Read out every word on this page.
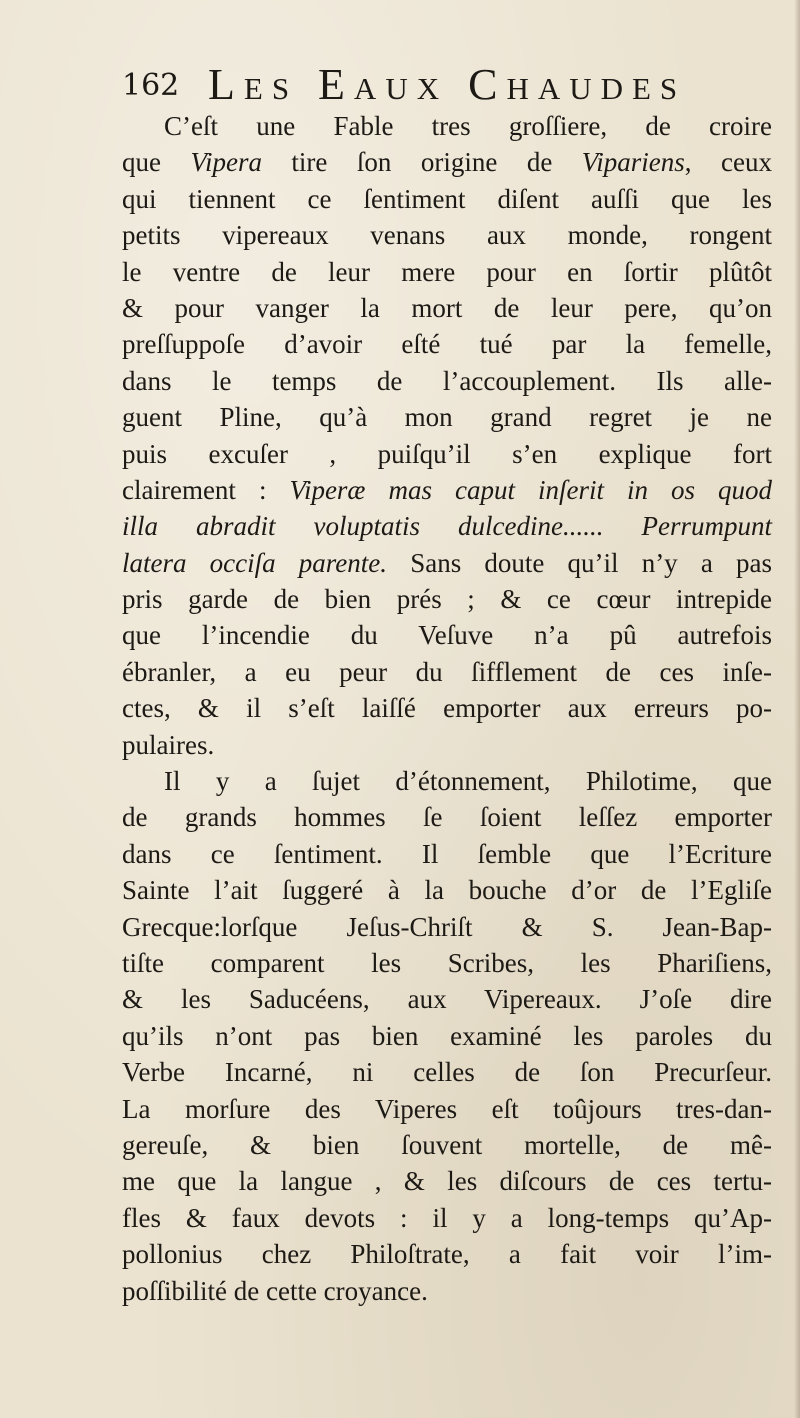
162 Les Eaux Chaudes
C’eſt une Fable tres groſſiere, de croire
que Vipera tire ſon origine de Vipariens, ceux
qui tiennent ce ſentiment diſent auſſi que les
petits vipereaux venans aux monde, rongent
le ventre de leur mere pour en ſortir plûtôt
& pour vanger la mort de leur pere, qu’on
preſſuppoſe d’avoir eſté tué par la femelle,
dans le temps de l’accouplement. Ils alle-
guent Pline, qu’à mon grand regret je ne
puis excuſer , puiſqu’il s’en explique fort
clairement : Viperæ mas caput inſerit in os quod
illa abradit voluptatis dulcedine...... Perrumpunt
latera occiſa parente. Sans doute qu’il n’y a pas
pris garde de bien prés ; & ce cœur intrepide
que l’incendie du Veſuve n’a pû autrefois
ébranler, a eu peur du ſifflement de ces inſe-
ctes, & il s’eſt laiſſé emporter aux erreurs po-
pulaires.
Il y a ſujet d’étonnement, Philotime, que
de grands hommes ſe ſoient leſſez emporter
dans ce ſentiment. Il ſemble que l’Ecriture
Sainte l’ait ſuggeré à la bouche d’or de l’Egliſe
Grecque:lorſque Jeſus-Chriſt & S. Jean-Bap-
tiſte comparent les Scribes, les Phariſiens,
& les Saducéens, aux Vipereaux. J’oſe dire
qu’ils n’ont pas bien examiné les paroles du
Verbe Incarné, ni celles de ſon Precurſeur.
La morſure des Viperes eſt toûjours tres-dan-
gereuſe, & bien ſouvent mortelle, de mê-
me que la langue , & les diſcours de ces tertu-
fles & faux devots : il y a long-temps qu’Ap-
pollonius chez Philoſtrate, a fait voir l’im-
poſſibilité de cette croyance.
